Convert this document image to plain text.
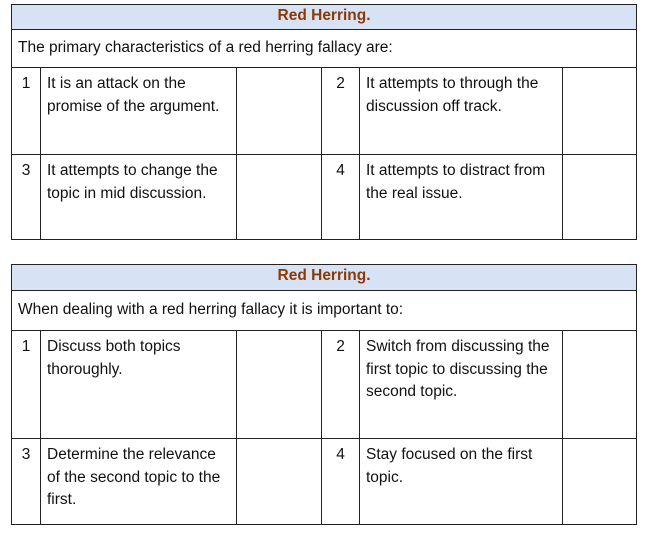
Red Herring.					
The primary characteristics of a red herring fallacy are:					
1	It is an attack on the promise of the argument.		2	It attempts to through the discussion off track.	
3	It attempts to change the topic in mid discussion.		4	It attempts to distract from the real issue.	
Red Herring.					
When dealing with a red herring fallacy it is important to:					
1	Discuss both topics thoroughly.		2	Switch from discussing the first topic to discussing the second topic.	
3	Determine the relevance of the second topic to the first.		4	Stay focused on the first topic.	
